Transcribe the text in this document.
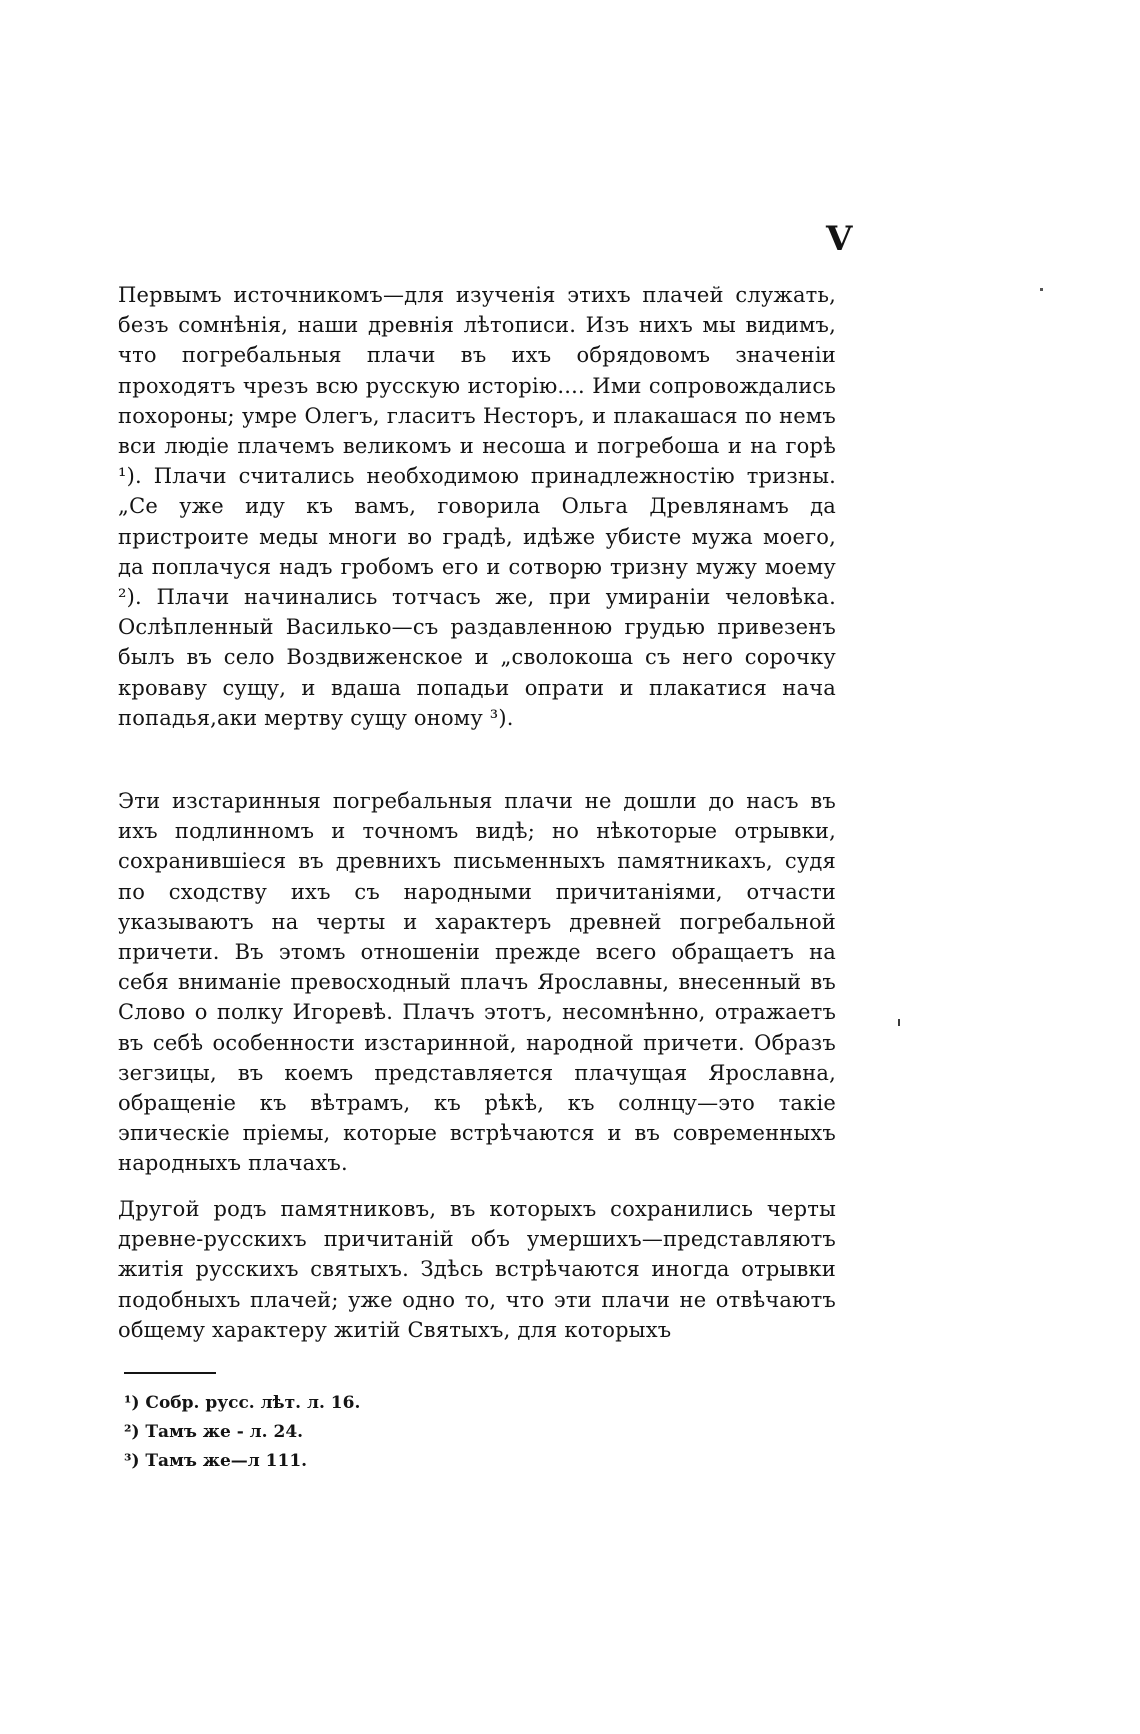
V

Первымъ источникомъ—для изученія этихъ плачей служать, безъ сомнѣнія, наши древнія лѣтописи. Изъ нихъ мы видимъ, что погребальныя плачи въ ихъ обрядовомъ значеніи проходятъ чрезъ всю русскую исторію.... Ими сопровождались похороны; умре Олегъ, гласитъ Несторъ, и плакашася по немъ вси людіе плачемъ великомъ и несоша и погребоша и на горѣ ¹). Плачи считались необходимою принадлежностію тризны. „Се уже иду къ вамъ, говорила Ольга Древлянамъ да пристроите меды многи во градѣ, идѣже убисте мужа моего, да поплачуся надъ гробомъ его и сотворю тризну мужу моему ²). Плачи начинались тотчасъ же, при умираніи человѣка. Ослѣпленный Василько—съ раздавленною грудью привезенъ былъ въ село Воздвиженское и „сволокоша съ него сорочку кроваву сущу, и вдаша попадьи опрати и плакатися нача попадья,аки мертву сущу оному ³).

Эти изстаринныя погребальныя плачи не дошли до насъ въ ихъ подлинномъ и точномъ видѣ; но нѣкоторые отрывки, сохранившіеся въ древнихъ письменныхъ памятникахъ, судя по сходству ихъ съ народными причитаніями, отчасти указываютъ на черты и характеръ древней погребальной причети. Въ этомъ отношеніи прежде всего обращаетъ на себя вниманіе превосходный плачъ Ярославны, внесенный въ Слово о полку Игоревѣ. Плачъ этотъ, несомнѣнно, отражаетъ въ себѣ особенности изстаринной, народной причети. Образъ зегзицы, въ коемъ представляется плачущая Ярославна, обращеніе къ вѣтрамъ, къ рѣкѣ, къ солнцу—это такіе эпическіе пріемы, которые встрѣчаются и въ современныхъ народныхъ плачахъ.

Другой родъ памятниковъ, въ которыхъ сохранились черты древне-русскихъ причитаній объ умершихъ—представляютъ житія русскихъ святыхъ. Здѣсь встрѣчаются иногда отрывки подобныхъ плачей; уже одно то, что эти плачи не отвѣчаютъ общему характеру житій Святыхъ, для которыхъ

¹) Собр. русс. лѣт. л. 16.
²) Тамъ же - л. 24.
³) Тамъ же—л 111.
